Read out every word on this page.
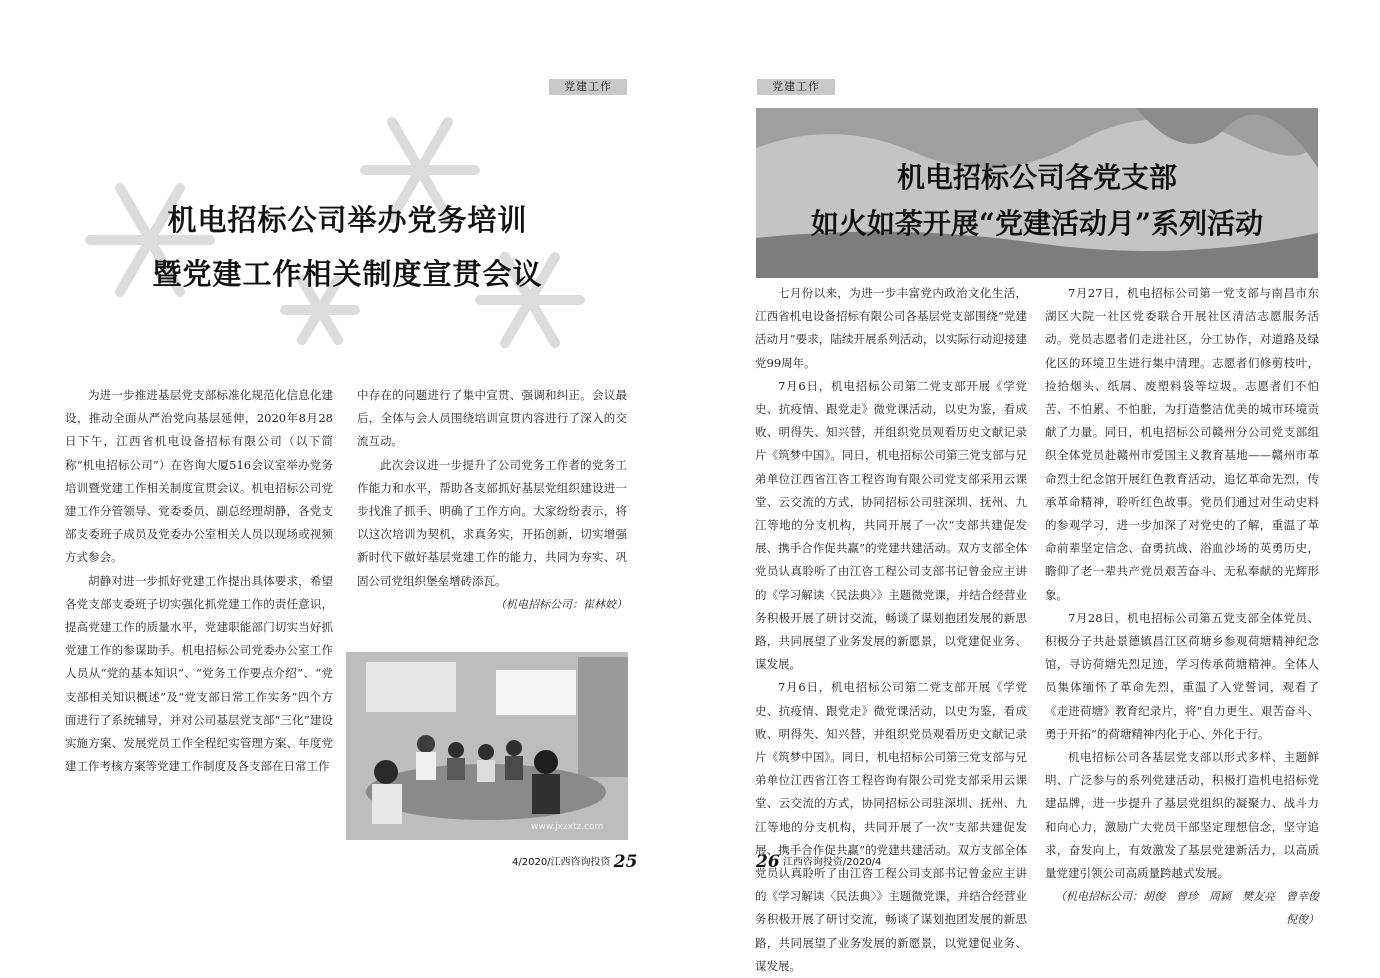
党建工作
机电招标公司举办党务培训
暨党建工作相关制度宣贯会议

为进一步推进基层党支部标准化规范化信息化建设，推动全面从严治党向基层延伸，2020年8月28日下午，江西省机电设备招标有限公司（以下简称“机电招标公司”）在咨询大厦516会议室举办党务培训暨党建工作相关制度宣贯会议。机电招标公司党建工作分管领导、党委委员、副总经理胡静，各党支部支委班子成员及党委办公室相关人员以现场或视频方式参会。

胡静对进一步抓好党建工作提出具体要求，希望各党支部支委班子切实强化抓党建工作的责任意识，提高党建工作的质量水平，党建职能部门切实当好抓党建工作的参谋助手。机电招标公司党委办公室工作人员从“党的基本知识”、“党务工作要点介绍”、“党支部相关知识概述”及“党支部日常工作实务”四个方面进行了系统辅导，并对公司基层党支部“三化”建设实施方案、发展党员工作全程纪实管理方案、年度党建工作考核方案等党建工作制度及各支部在日常工作

中存在的问题进行了集中宣贯、强调和纠正。会议最后，全体与会人员围绕培训宣贯内容进行了深入的交流互动。

此次会议进一步提升了公司党务工作者的党务工作能力和水平，帮助各支部抓好基层党组织建设进一步找准了抓手、明确了工作方向。大家纷纷表示，将以这次培训为契机，求真务实，开拓创新，切实增强新时代下做好基层党建工作的能力，共同为夯实、巩固公司党组织堡垒增砖添瓦。

（机电招标公司：崔林姣）

www.jxzxtz.com
4/2020/江西咨询投资 25
党建工作
机电招标公司各党支部
如火如荼开展“党建活动月”系列活动

七月份以来，为进一步丰富党内政治文化生活，江西省机电设备招标有限公司各基层党支部围绕“党建活动月”要求，陆续开展系列活动，以实际行动迎接建党99周年。

7月6日，机电招标公司第二党支部开展《学党史、抗疫情、跟党走》微党课活动，以史为鉴，看成败、明得失、知兴替，并组织党员观看历史文献记录片《筑梦中国》。同日，机电招标公司第三党支部与兄弟单位江西省江咨工程咨询有限公司党支部采用云课堂、云交流的方式，协同招标公司驻深圳、抚州、九江等地的分支机构，共同开展了一次“支部共建促发展、携手合作促共赢”的党建共建活动。双方支部全体党员认真聆听了由江咨工程公司支部书记曾金应主讲的《学习解读〈民法典〉》主题微党课，并结合经营业务积极开展了研讨交流，畅谈了谋划抱团发展的新思路，共同展望了业务发展的新愿景，以党建促业务、谋发展。

7月6日，机电招标公司第二党支部开展《学党史、抗疫情、跟党走》微党课活动，以史为鉴，看成败、明得失、知兴替，并组织党员观看历史文献记录片《筑梦中国》。同日，机电招标公司第三党支部与兄弟单位江西省江咨工程咨询有限公司党支部采用云课堂、云交流的方式，协同招标公司驻深圳、抚州、九江等地的分支机构，共同开展了一次“支部共建促发展、携手合作促共赢”的党建共建活动。双方支部全体党员认真聆听了由江咨工程公司支部书记曾金应主讲的《学习解读〈民法典〉》主题微党课，并结合经营业务积极开展了研讨交流，畅谈了谋划抱团发展的新思路，共同展望了业务发展的新愿景，以党建促业务、谋发展。

7月27日，机电招标公司第一党支部与南昌市东湖区大院一社区党委联合开展社区清洁志愿服务活动。党员志愿者们走进社区，分工协作，对道路及绿化区的环境卫生进行集中清理。志愿者们修剪枝叶，捡拾烟头、纸屑、废塑料袋等垃圾。志愿者们不怕苦、不怕累、不怕脏，为打造整洁优美的城市环境贡献了力量。同日，机电招标公司赣州分公司党支部组织全体党员赴赣州市爱国主义教育基地——赣州市革命烈士纪念馆开展红色教育活动，追忆革命先烈，传承革命精神，聆听红色故事。党员们通过对生动史料的参观学习，进一步加深了对党史的了解，重温了革命前辈坚定信念、奋勇抗战、浴血沙场的英勇历史，瞻仰了老一辈共产党员艰苦奋斗、无私奉献的光辉形象。

7月28日，机电招标公司第五党支部全体党员、积极分子共赴景德镇昌江区荷塘乡参观荷塘精神纪念馆，寻访荷塘先烈足迹，学习传承荷塘精神。全体人员集体缅怀了革命先烈，重温了入党誓词，观看了《走进荷塘》教育纪录片，将“自力更生、艰苦奋斗、勇于开拓”的荷塘精神内化于心、外化于行。

机电招标公司各基层党支部以形式多样、主题鲜明、广泛参与的系列党建活动，积极打造机电招标党建品牌，进一步提升了基层党组织的凝聚力、战斗力和向心力，激励广大党员干部坚定理想信念，坚守追求，奋发向上，有效激发了基层党建新活力，以高质量党建引领公司高质量跨越式发展。

（机电招标公司：胡俊　曾珍　周颖　樊友亮　曾幸俊　倪俊）

26 江西咨询投资/2020/4
